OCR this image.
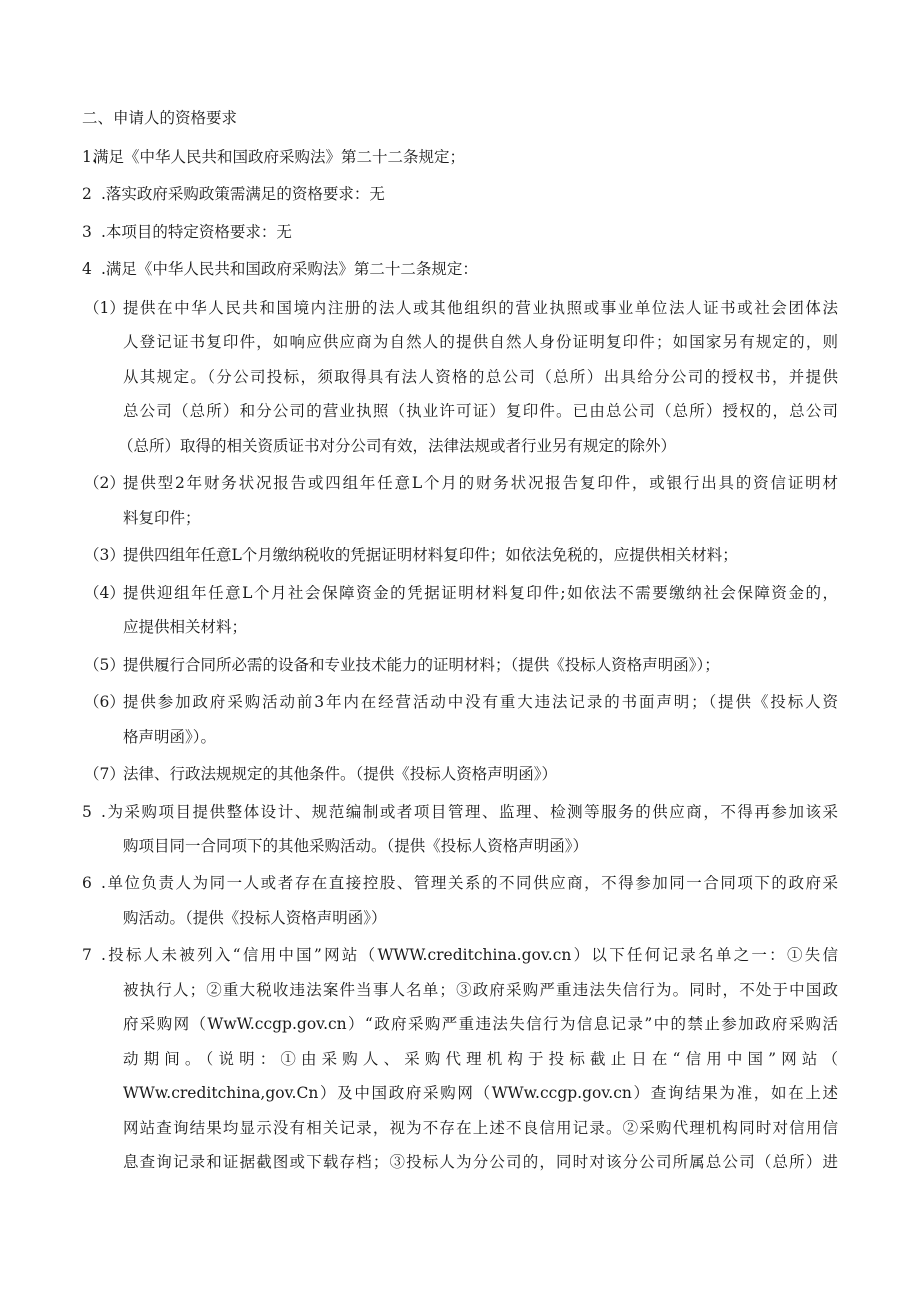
二、申请人的资格要求
1.
满足《中华人民共和国政府采购法》第二十二条规定；
2 .落实政府采购政策需满足的资格要求：无
3 .本项目的特定资格要求：无
4 .满足《中华人民共和国政府采购法》第二十二条规定：
（1）
提供在中华人民共和国境内注册的法人或其他组织的营业执照或事业单位法人证书或社会团体法
人登记证书复印件，如响应供应商为自然人的提供自然人身份证明复印件；如国家另有规定的，则
从其规定。（分公司投标，须取得具有法人资格的总公司（总所）出具给分公司的授权书，并提供
总公司（总所）和分公司的营业执照（执业许可证）复印件。已由总公司（总所）授权的，总公司
（总所）取得的相关资质证书对分公司有效，法律法规或者行业另有规定的除外）
（2）
提供型2年财务状况报告或四组年任意L个月的财务状况报告复印件，或银行出具的资信证明材
料复印件；
（3）
提供四组年任意L个月缴纳税收的凭据证明材料复印件；如依法免税的，应提供相关材料；
（4）
提供迎组年任意L个月社会保障资金的凭据证明材料复印件;如依法不需要缴纳社会保障资金的，
应提供相关材料；
（5）
提供履行合同所必需的设备和专业技术能力的证明材料；（提供《投标人资格声明函》）；
（6）
提供参加政府采购活动前3年内在经营活动中没有重大违法记录的书面声明；（提供《投标人资
格声明函》）。
（7）
法律、行政法规规定的其他条件。（提供《投标人资格声明函》）
5 .为采购项目提供整体设计、规范编制或者项目管理、监理、检测等服务的供应商，不得再参加该采
购项目同一合同项下的其他采购活动。（提供《投标人资格声明函》）
6 .单位负责人为同一人或者存在直接控股、管理关系的不同供应商，不得参加同一合同项下的政府采
购活动。（提供《投标人资格声明函》）
7 .投标人未被列入“信用中国”网站（WWW.creditchina.gov.cn）以下任何记录名单之一：①失信
被执行人；②重大税收违法案件当事人名单；③政府采购严重违法失信行为。同时，不处于中国政
府采购网（WwW.ccgp.gov.cn）“政府采购严重违法失信行为信息记录”中的禁止参加政府采购活
动期间。（说明：①由采购人、采购代理机构于投标截止日在“信用中国”网站（
WWw.creditchina,gov.Cn）及中国政府采购网（WWw.ccgp.gov.cn）查询结果为准，如在上述
网站查询结果均显示没有相关记录，视为不存在上述不良信用记录。②采购代理机构同时对信用信
息查询记录和证据截图或下载存档；③投标人为分公司的，同时对该分公司所属总公司（总所）进
